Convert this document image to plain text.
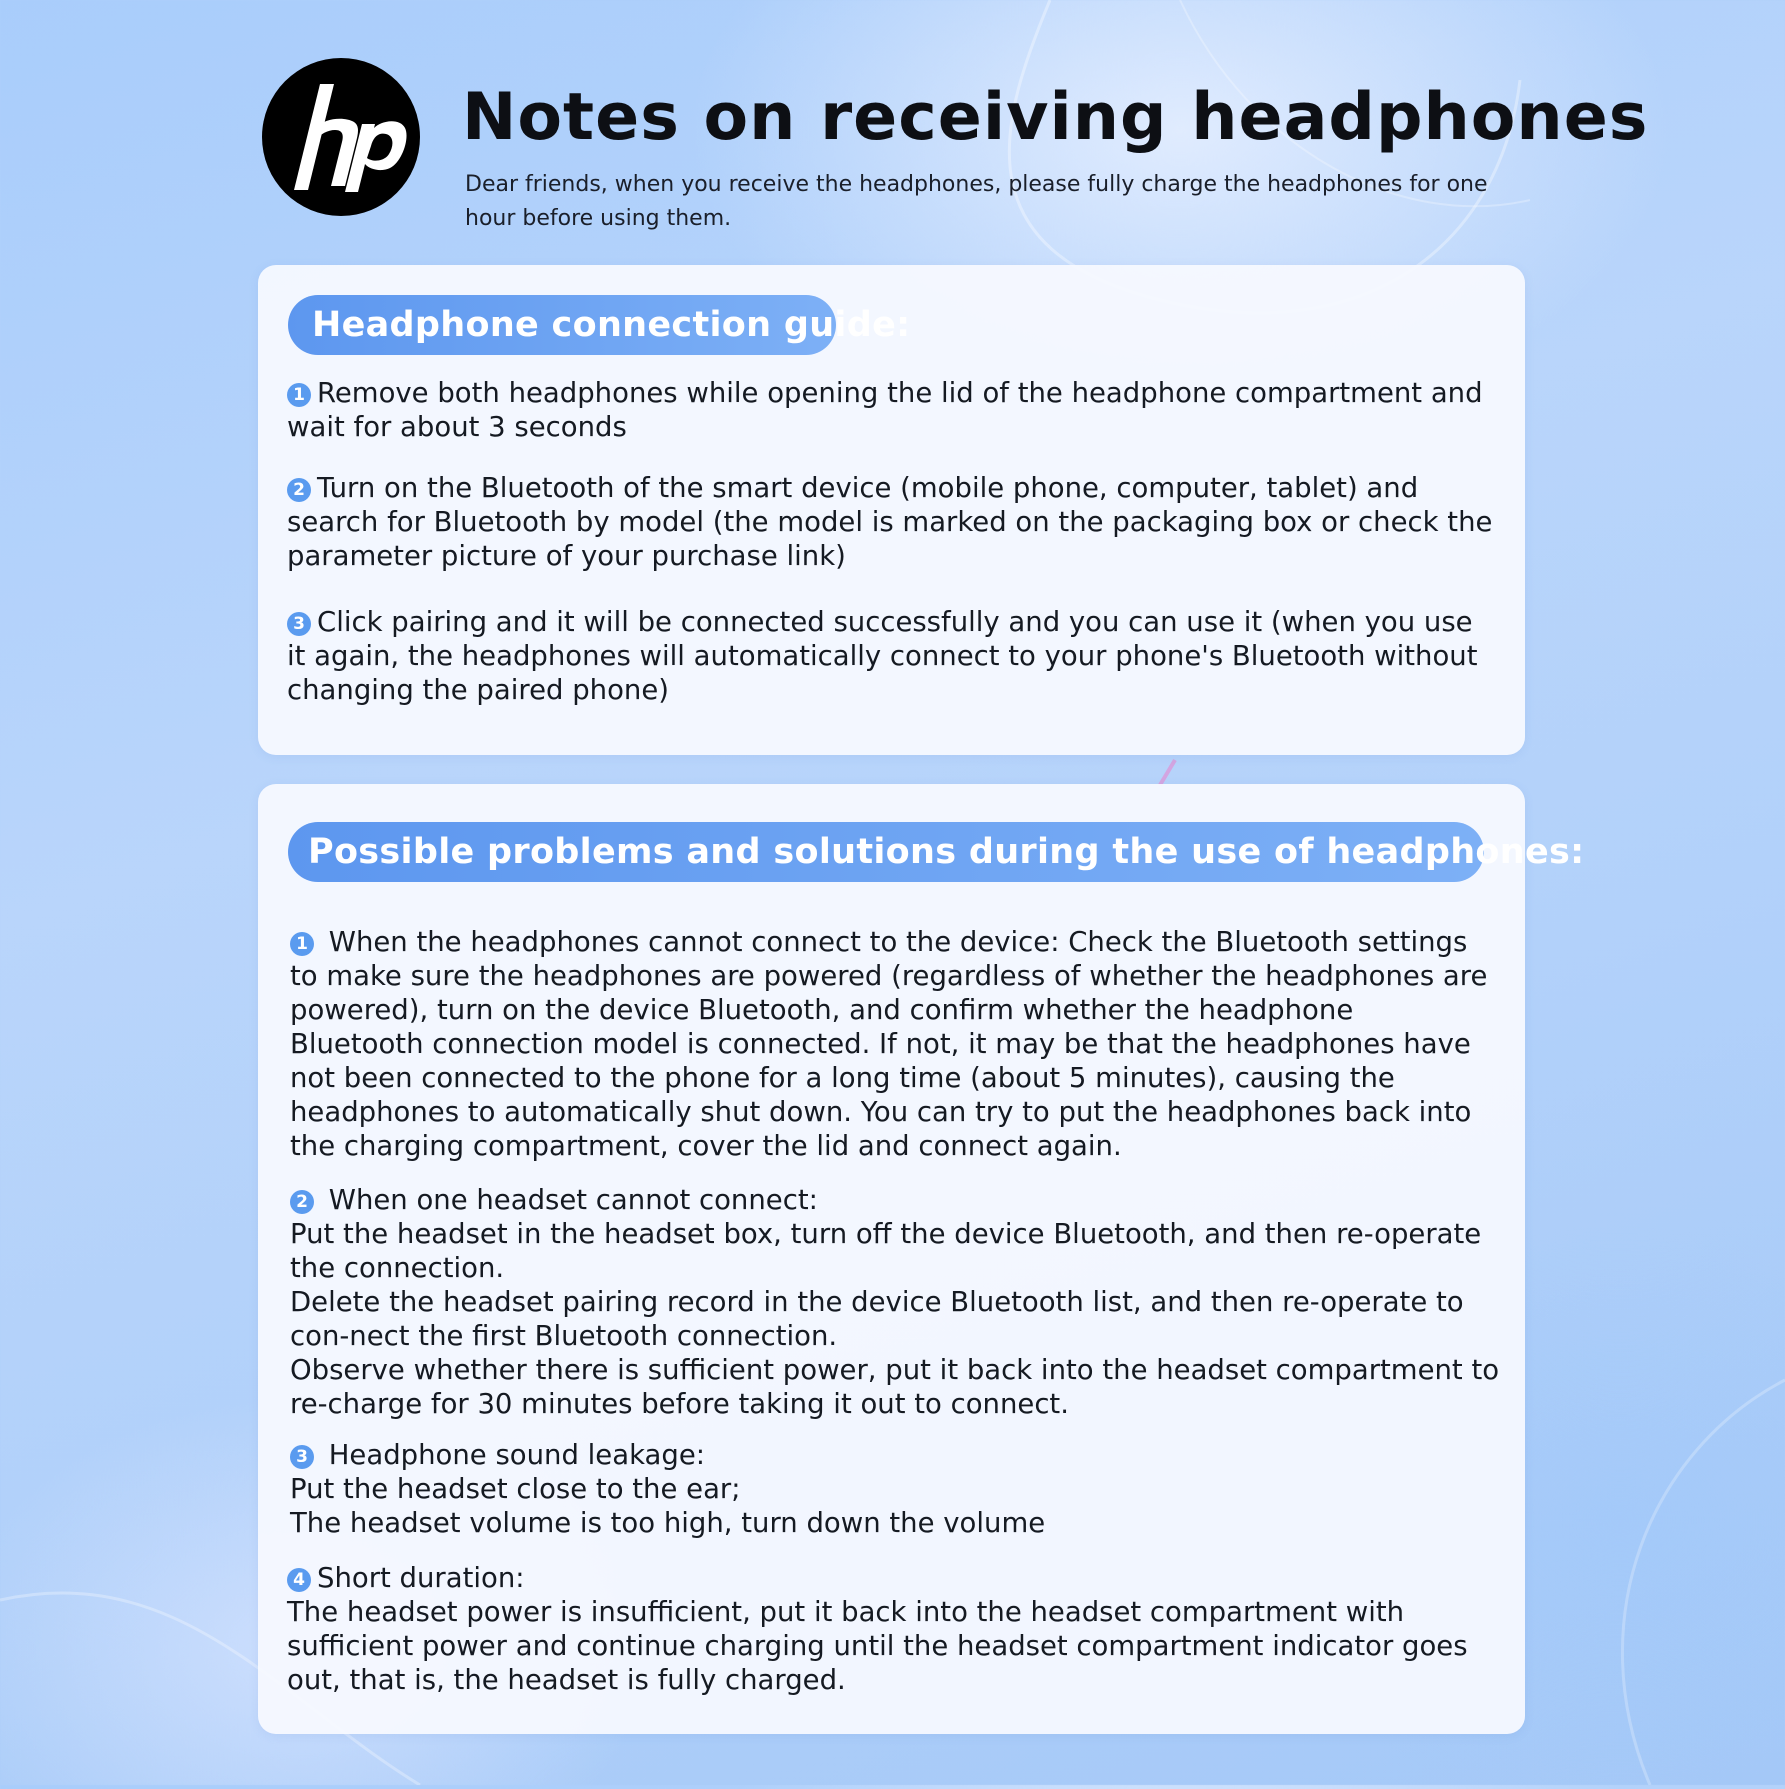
Notes on receiving headphones

Dear friends, when you receive the headphones, please fully charge the headphones for one hour before using them.

Headphone connection guide:
1 Remove both headphones while opening the lid of the headphone compartment and wait for about 3 seconds
2 Turn on the Bluetooth of the smart device (mobile phone, computer, tablet) and search for Bluetooth by model (the model is marked on the packaging box or check the parameter picture of your purchase link)
3 Click pairing and it will be connected successfully and you can use it (when you use it again, the headphones will automatically connect to your phone's Bluetooth without changing the paired phone)
Possible problems and solutions during the use of headphones:
1 When the headphones cannot connect to the device: Check the Bluetooth settings to make sure the headphones are powered (regardless of whether the headphones are powered), turn on the device Bluetooth, and confirm whether the headphone Bluetooth connection model is connected. If not, it may be that the headphones have not been connected to the phone for a long time (about 5 minutes), causing the headphones to automatically shut down. You can try to put the headphones back into the charging compartment, cover the lid and connect again.

2 When one headset cannot connect:

Put the headset in the headset box, turn off the device Bluetooth, and then re-operate the connection.

Delete the headset pairing record in the device Bluetooth list, and then re-operate to con-nect the first Bluetooth connection.

Observe whether there is sufficient power, put it back into the headset compartment to re-charge for 30 minutes before taking it out to connect.

3 Headphone sound leakage:

Put the headset close to the ear;

The headset volume is too high, turn down the volume

4 Short duration:

The headset power is insufficient, put it back into the headset compartment with sufficient power and continue charging until the headset compartment indicator goes out, that is, the headset is fully charged.
